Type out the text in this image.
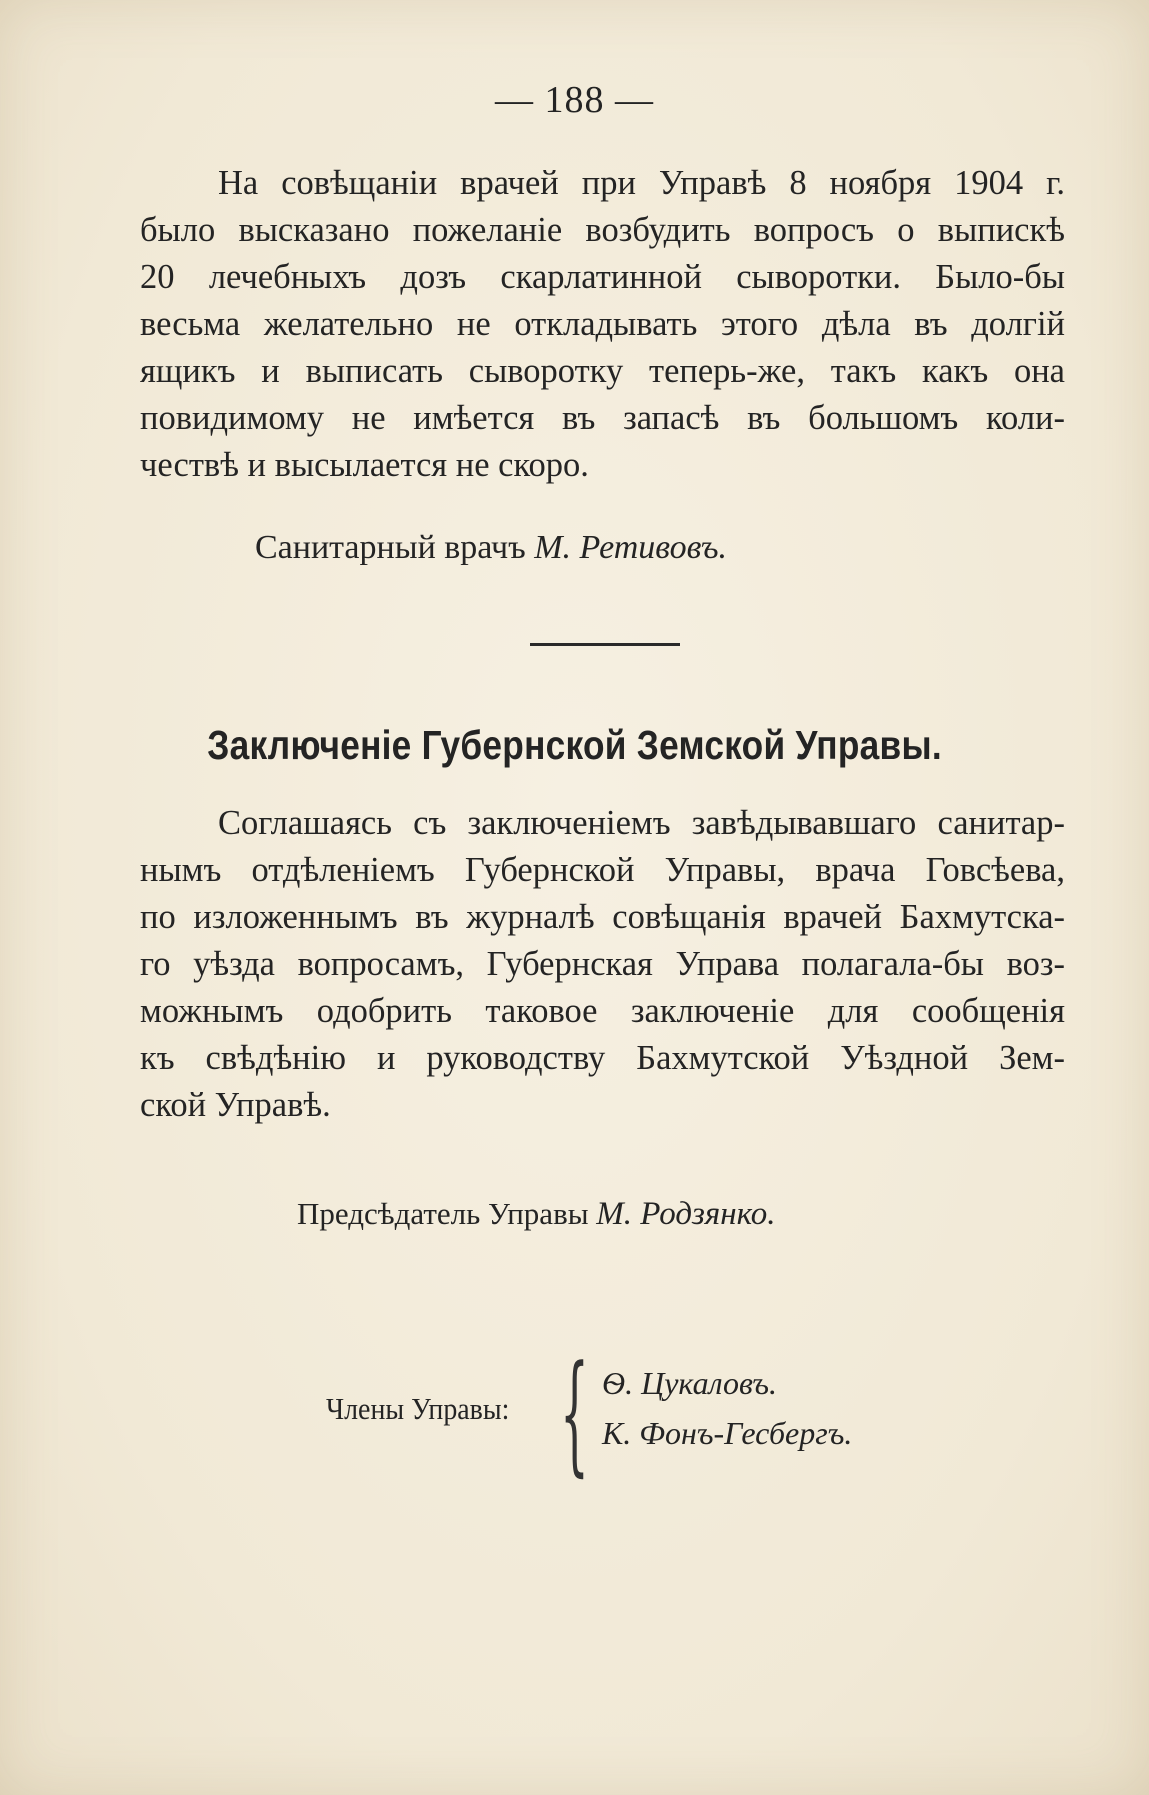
— 188 —
На совѣщаніи врачей при Управѣ 8 ноября 1904 г.
было высказано пожеланіе возбудить вопросъ о выпискѣ
20 лечебныхъ дозъ скарлатинной сыворотки. Было-бы
весьма желательно не откладывать этого дѣла въ долгій
ящикъ и выписать сыворотку теперь-же, такъ какъ она
повидимому не имѣется въ запасѣ въ большомъ коли-
чествѣ и высылается не скоро.
Санитарный врачъ М. Ретивовъ.
Заключеніе Губернской Земской Управы.
Соглашаясь съ заключеніемъ завѣдывавшаго санитар-
нымъ отдѣленіемъ Губернской Управы, врача Говсѣева,
по изложеннымъ въ журналѣ совѣщанія врачей Бахмутска-
го уѣзда вопросамъ, Губернская Управа полагала-бы воз-
можнымъ одобрить таковое заключеніе для сообщенія
къ свѣдѣнію и руководству Бахмутской Уѣздной Зем-
ской Управѣ.
Предсѣдатель Управы М. Родзянко.
Члены Управы: { Ѳ. Цукаловъ.
К. Фонъ-Гесбергъ.
